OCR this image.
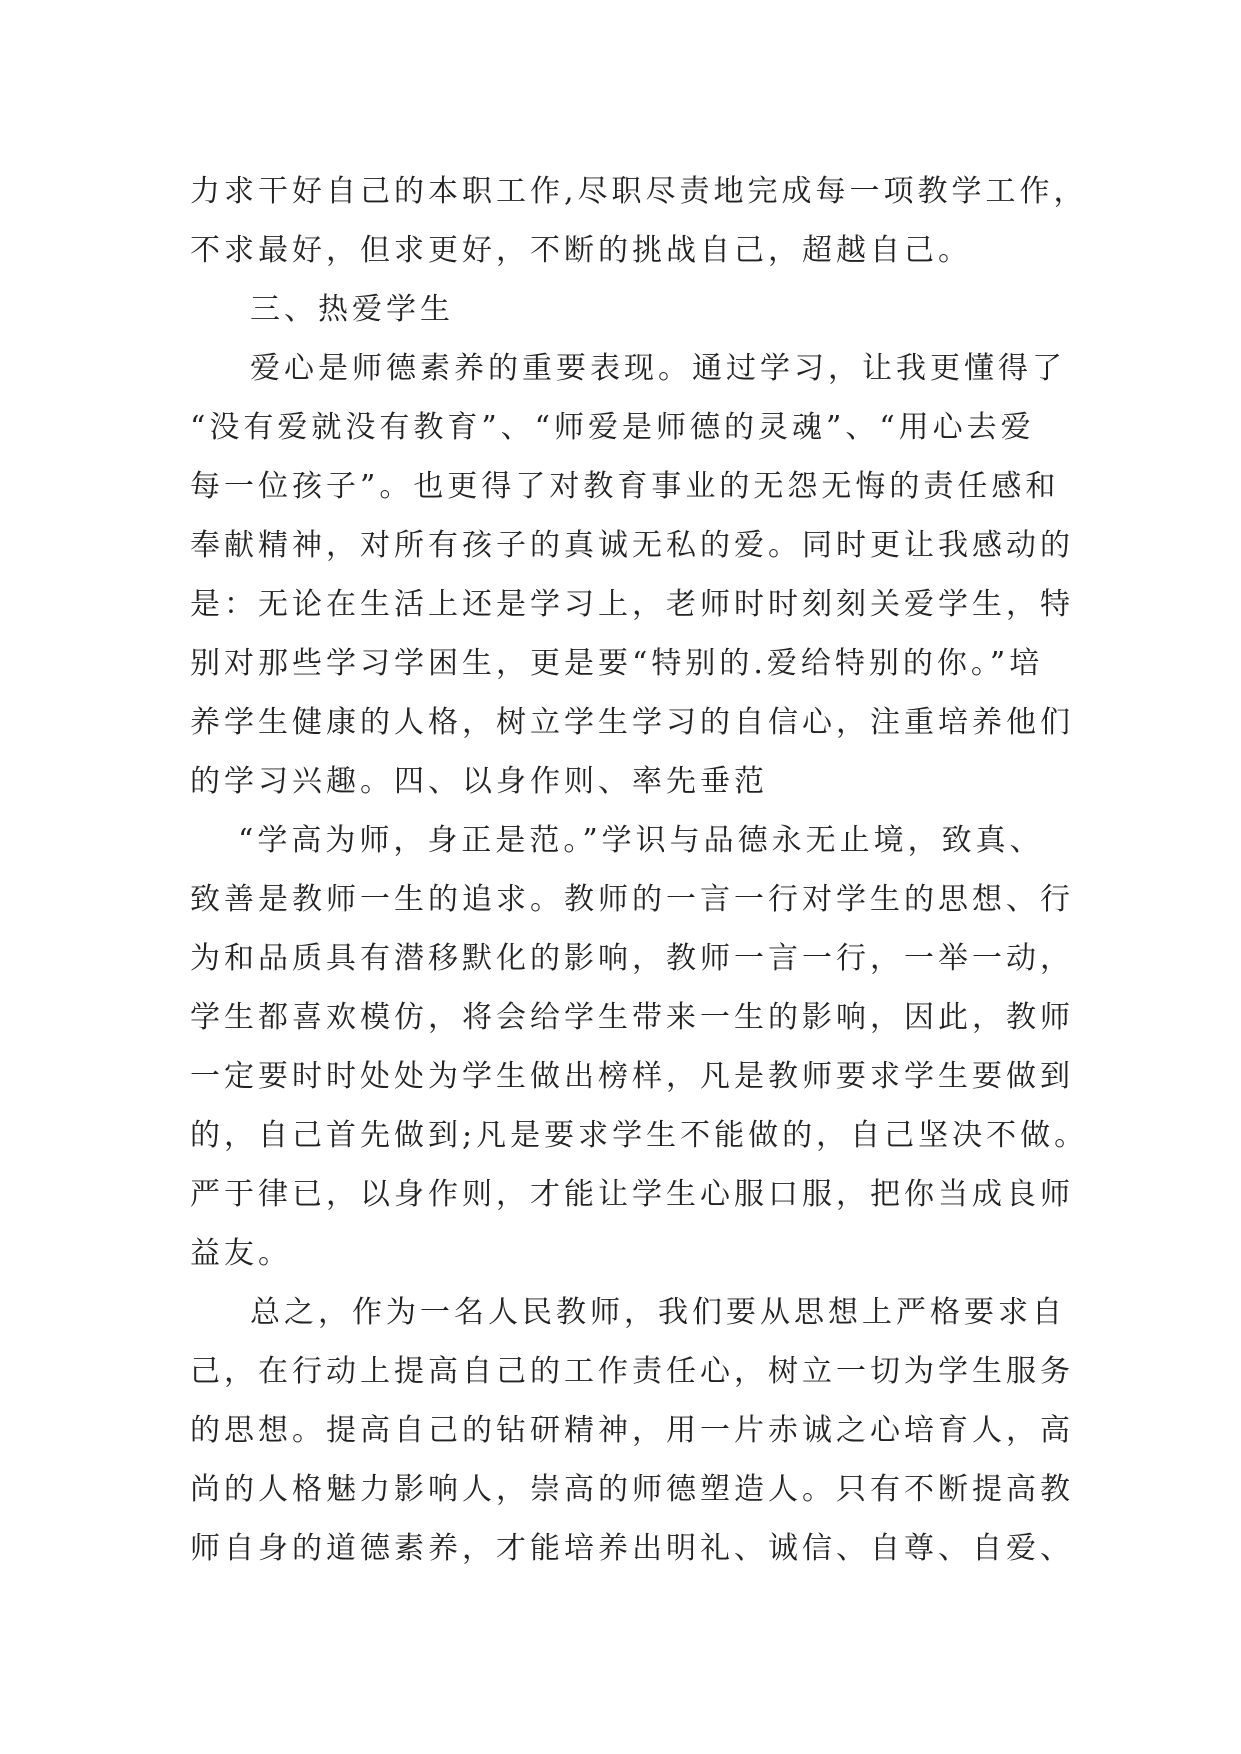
力求干好自己的本职工作,尽职尽责地完成每一项教学工作，
不求最好，但求更好，不断的挑战自己，超越自己。
三、热爱学生
爱心是师德素养的重要表现。通过学习，让我更懂得了
“没有爱就没有教育”、“师爱是师德的灵魂”、“用心去爱
每一位孩子”。也更得了对教育事业的无怨无悔的责任感和
奉献精神，对所有孩子的真诚无私的爱。同时更让我感动的
是：无论在生活上还是学习上，老师时时刻刻关爱学生，特
别对那些学习学困生，更是要“特别的.爱给特别的你。”培
养学生健康的人格，树立学生学习的自信心，注重培养他们
的学习兴趣。四、以身作则、率先垂范
“学高为师，身正是范。”学识与品德永无止境，致真、
致善是教师一生的追求。教师的一言一行对学生的思想、行
为和品质具有潜移默化的影响，教师一言一行，一举一动，
学生都喜欢模仿，将会给学生带来一生的影响，因此，教师
一定要时时处处为学生做出榜样，凡是教师要求学生要做到
的，自己首先做到;凡是要求学生不能做的，自己坚决不做。
严于律已，以身作则，才能让学生心服口服，把你当成良师
益友。
总之，作为一名人民教师，我们要从思想上严格要求自
己，在行动上提高自己的工作责任心，树立一切为学生服务
的思想。提高自己的钻研精神，用一片赤诚之心培育人，高
尚的人格魅力影响人，崇高的师德塑造人。只有不断提高教
师自身的道德素养，才能培养出明礼、诚信、自尊、自爱、
